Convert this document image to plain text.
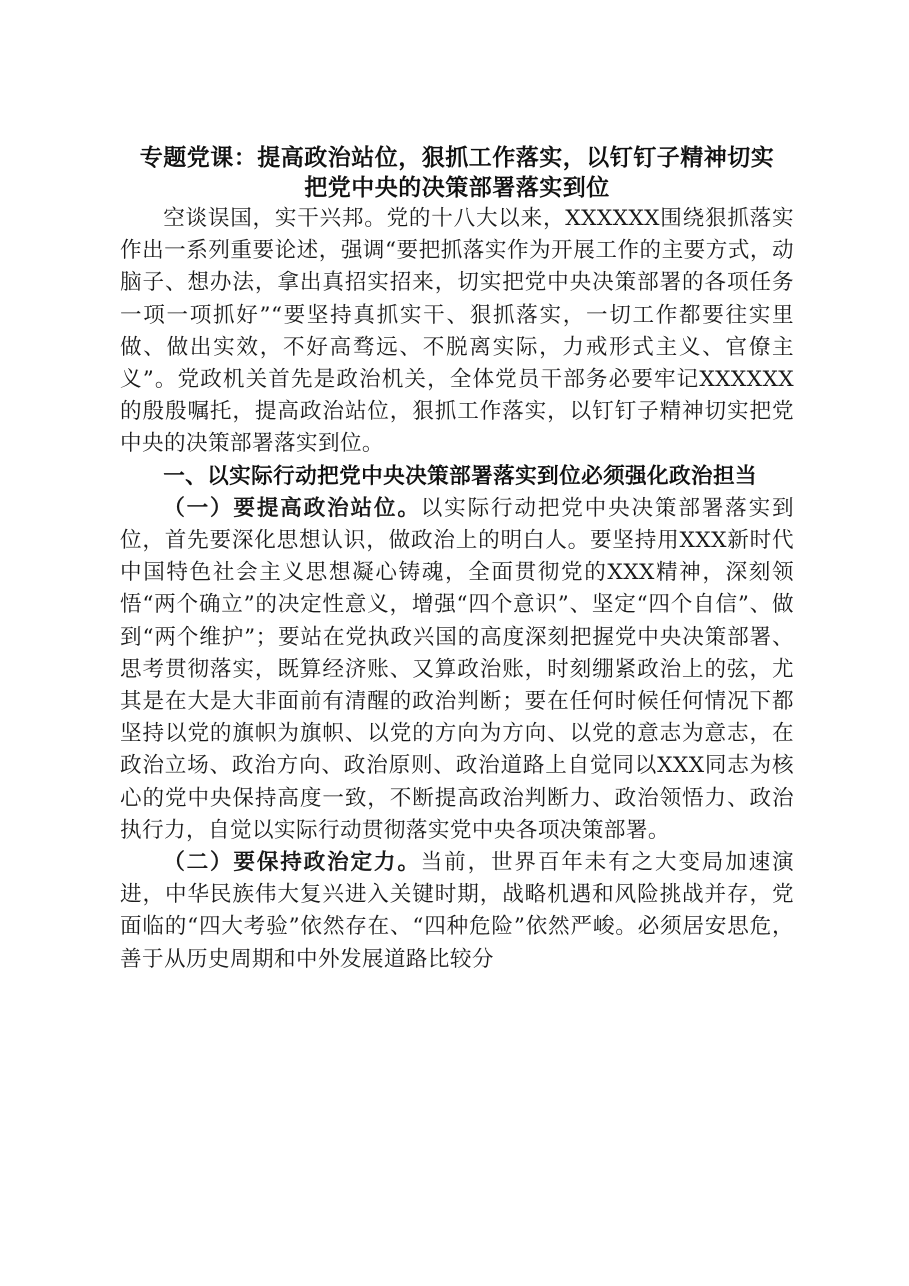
专题党课：提高政治站位，狠抓工作落实，以钉钉子精神切实
把党中央的决策部署落实到位

空谈误国，实干兴邦。党的十八大以来，XXXXXX围绕狠抓落实作出一系列重要论述，强调“要把抓落实作为开展工作的主要方式，动脑子、想办法，拿出真招实招来，切实把党中央决策部署的各项任务一项一项抓好”“要坚持真抓实干、狠抓落实，一切工作都要往实里做、做出实效，不好高骛远、不脱离实际，力戒形式主义、官僚主义”。党政机关首先是政治机关，全体党员干部务必要牢记XXXXXX的殷殷嘱托，提高政治站位，狠抓工作落实，以钉钉子精神切实把党中央的决策部署落实到位。

一、以实际行动把党中央决策部署落实到位必须强化政治担当

（一）要提高政治站位。以实际行动把党中央决策部署落实到位，首先要深化思想认识，做政治上的明白人。要坚持用XXX新时代中国特色社会主义思想凝心铸魂，全面贯彻党的XXX精神，深刻领悟“两个确立”的决定性意义，增强“四个意识”、坚定“四个自信”、做到“两个维护”；要站在党执政兴国的高度深刻把握党中央决策部署、思考贯彻落实，既算经济账、又算政治账，时刻绷紧政治上的弦，尤其是在大是大非面前有清醒的政治判断；要在任何时候任何情况下都坚持以党的旗帜为旗帜、以党的方向为方向、以党的意志为意志，在政治立场、政治方向、政治原则、政治道路上自觉同以XXX同志为核心的党中央保持高度一致，不断提高政治判断力、政治领悟力、政治执行力，自觉以实际行动贯彻落实党中央各项决策部署。

（二）要保持政治定力。当前，世界百年未有之大变局加速演进，中华民族伟大复兴进入关键时期，战略机遇和风险挑战并存，党面临的“四大考验”依然存在、“四种危险”依然严峻。必须居安思危，善于从历史周期和中外发展道路比较分
